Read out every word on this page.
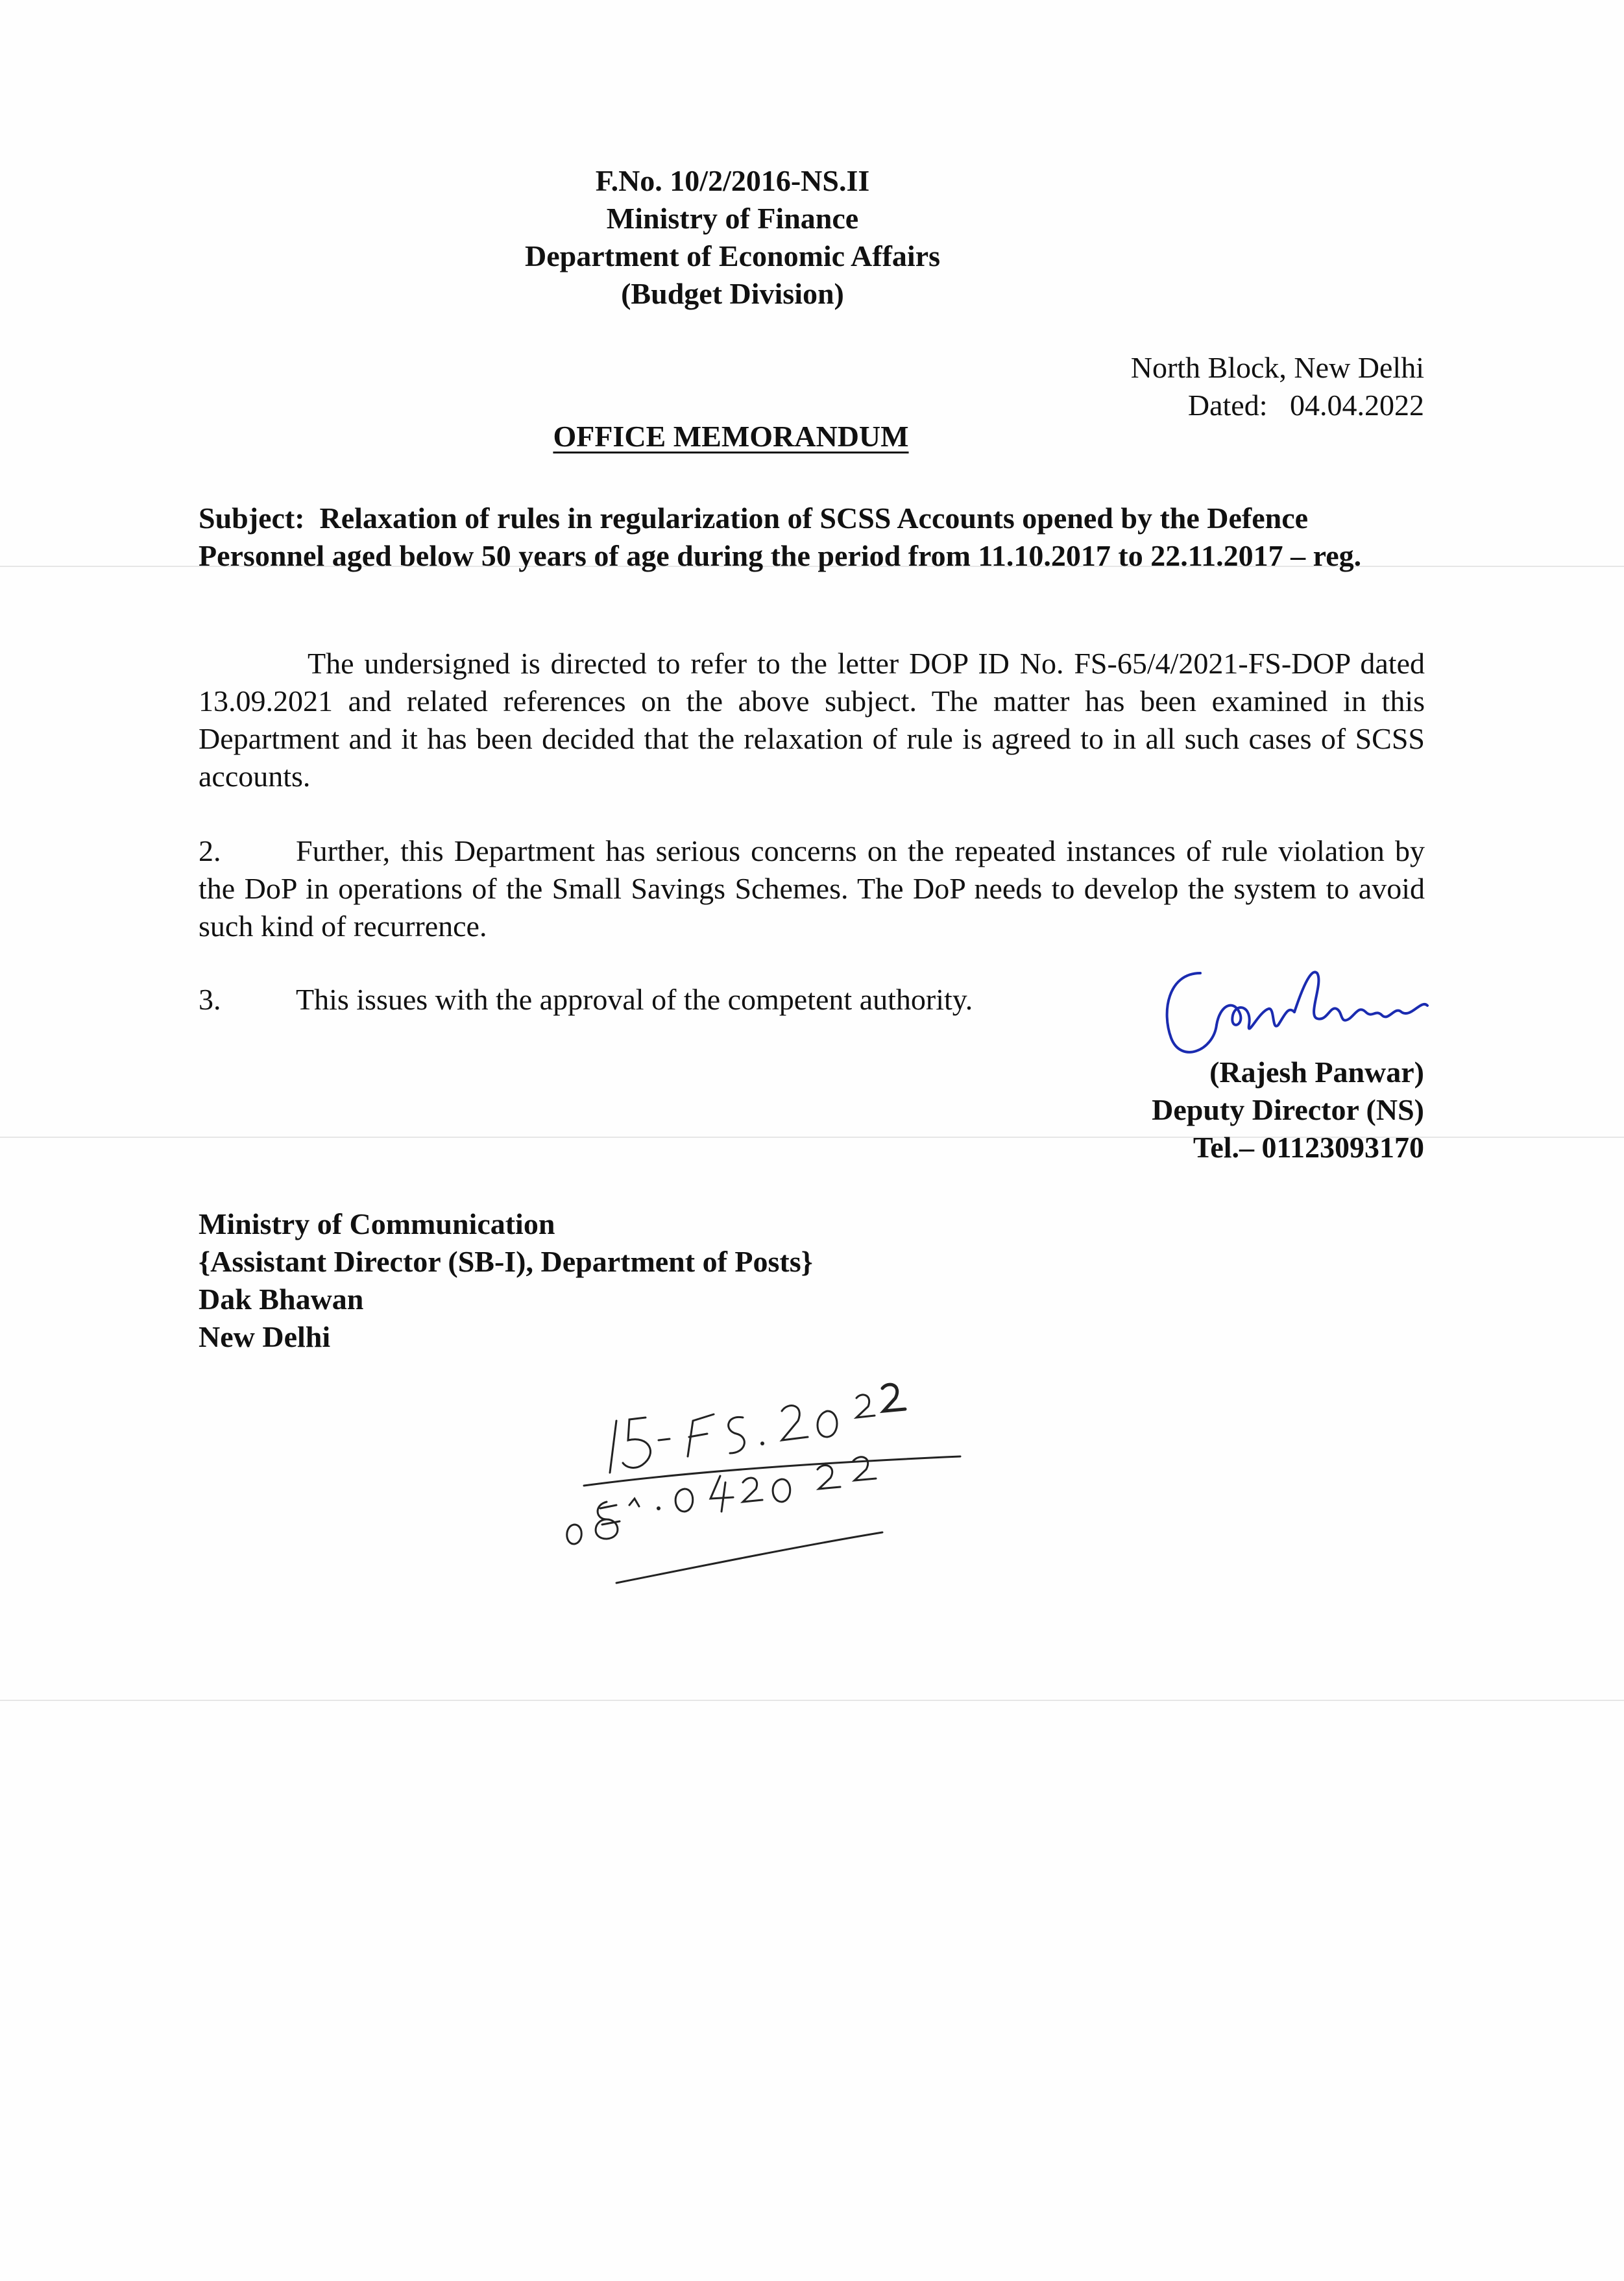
F.No. 10/2/2016-NS.II
Ministry of Finance
Department of Economic Affairs
(Budget Division)
North Block, New Delhi
Dated: 04.04.2022
OFFICE MEMORANDUM
Subject: Relaxation of rules in regularization of SCSS Accounts opened by the Defence Personnel aged below 50 years of age during the period from 11.10.2017 to 22.11.2017 – reg.
The undersigned is directed to refer to the letter DOP ID No. FS-65/4/2021-FS-DOP dated 13.09.2021 and related references on the above subject. The matter has been examined in this Department and it has been decided that the relaxation of rule is agreed to in all such cases of SCSS accounts.
2.	Further, this Department has serious concerns on the repeated instances of rule violation by the DoP in operations of the Small Savings Schemes. The DoP needs to develop the system to avoid such kind of recurrence.
3.	This issues with the approval of the competent authority.
(Rajesh Panwar)
Deputy Director (NS)
Tel.– 01123093170
Ministry of Communication
{Assistant Director (SB-I), Department of Posts}
Dak Bhawan
New Delhi
